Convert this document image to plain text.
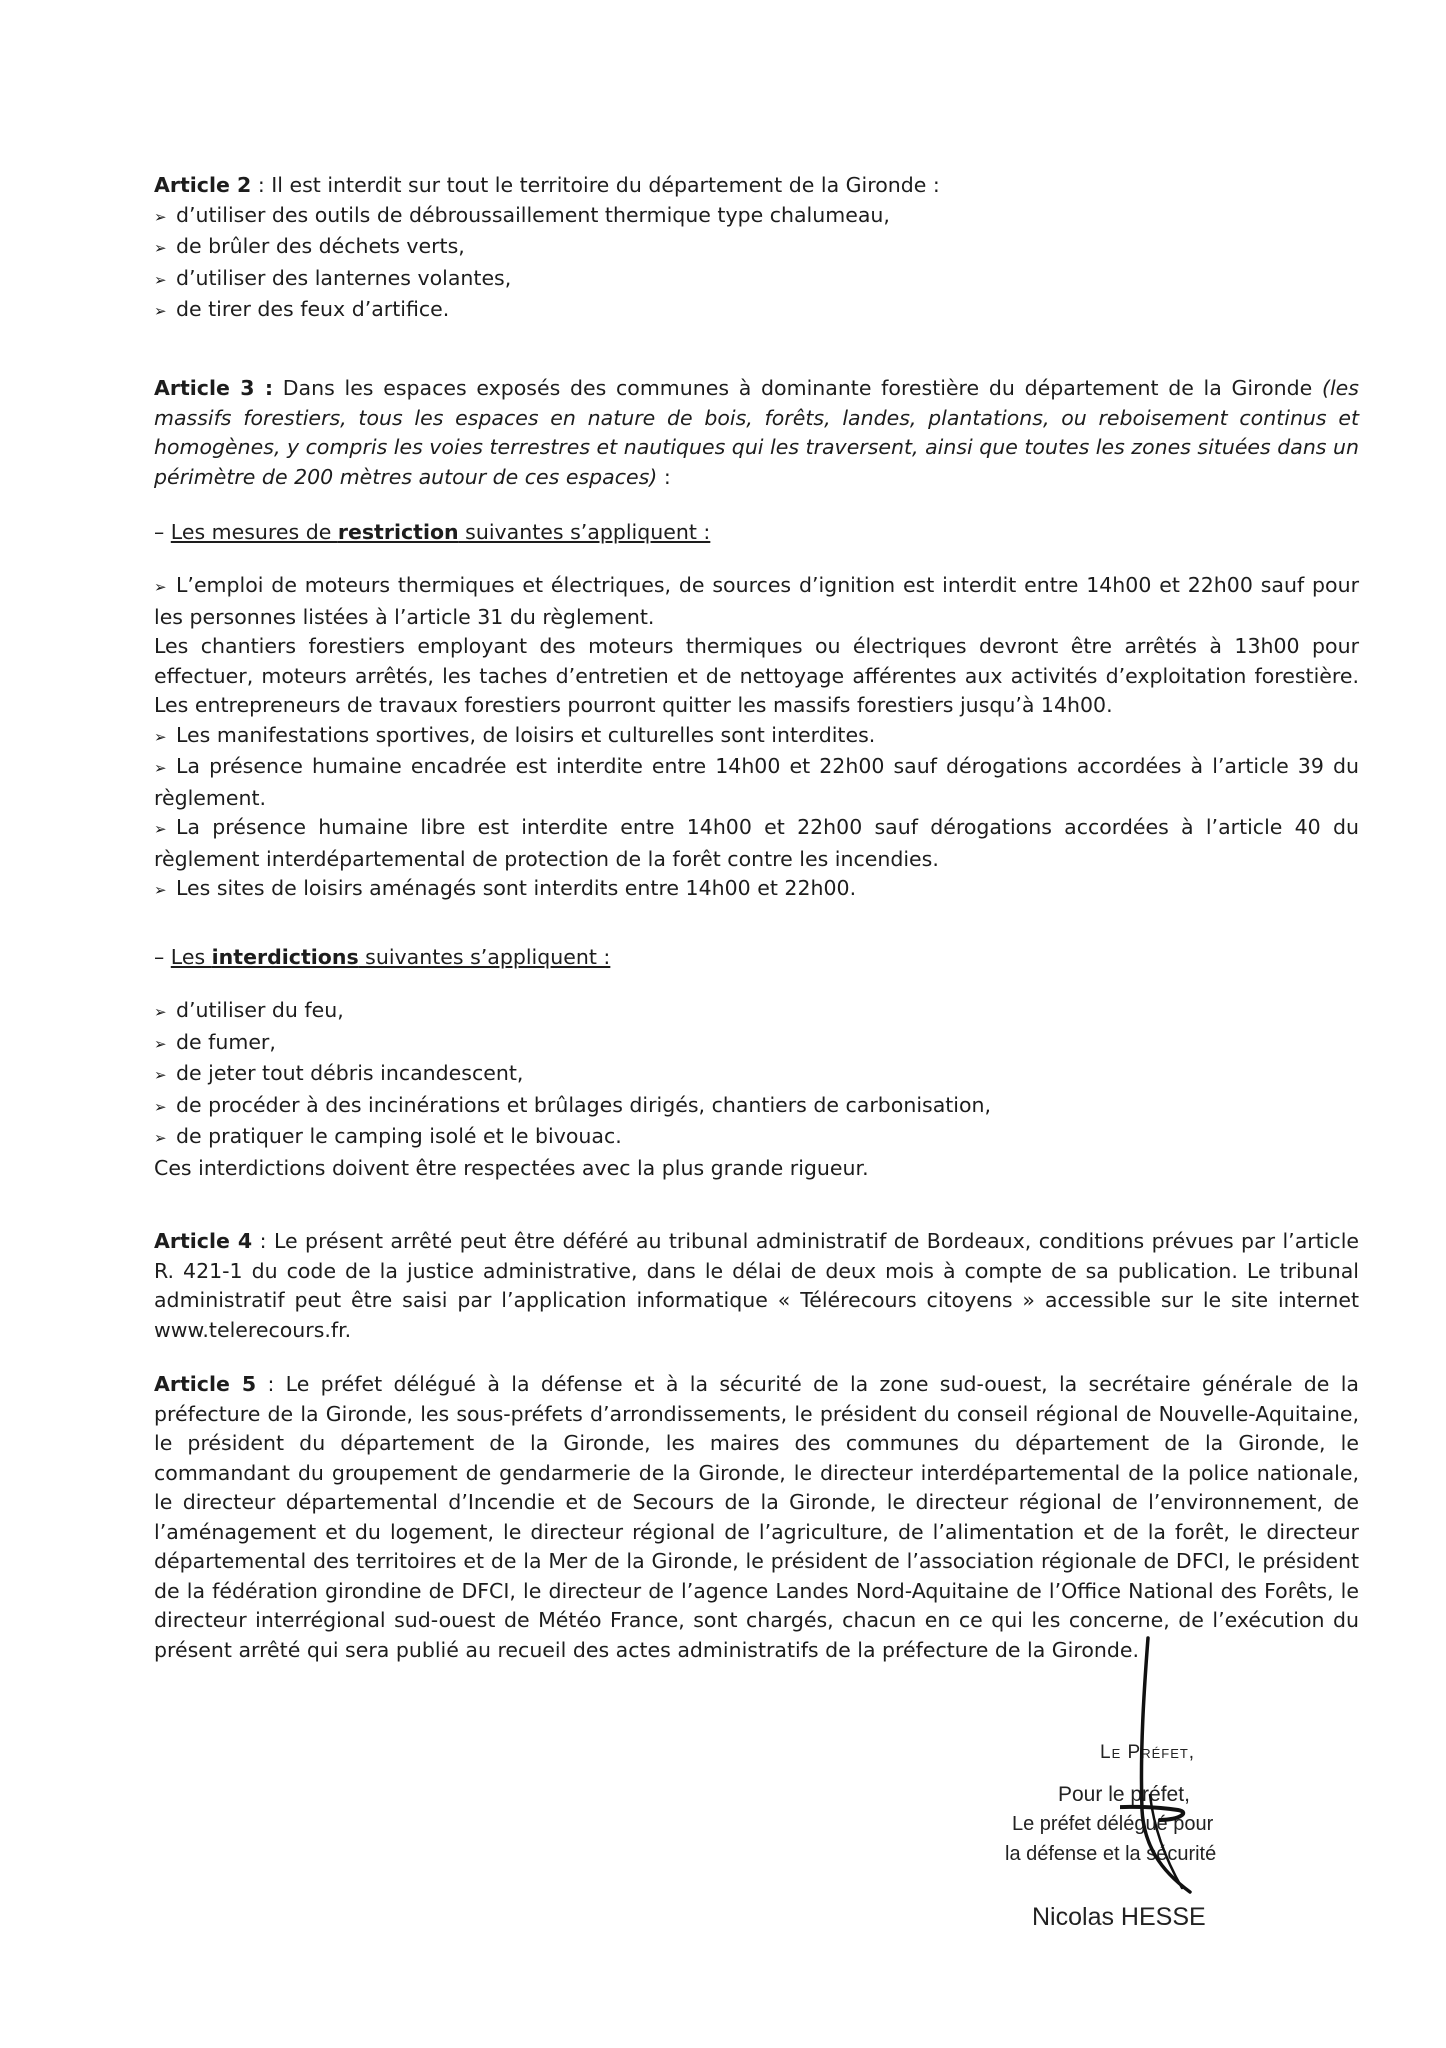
Article 2 : Il est interdit sur tout le territoire du département de la Gironde :

➢ d’utiliser des outils de débroussaillement thermique type chalumeau,

➢ de brûler des déchets verts,

➢ d’utiliser des lanternes volantes,

➢ de tirer des feux d’artifice.

Article 3 : Dans les espaces exposés des communes à dominante forestière du département de la Gironde (les massifs forestiers, tous les espaces en nature de bois, forêts, landes, plantations, ou reboisement continus et homogènes, y compris les voies terrestres et nautiques qui les traversent, ainsi que toutes les zones situées dans un périmètre de 200 mètres autour de ces espaces) :

– Les mesures de restriction suivantes s’appliquent :

➢ L’emploi de moteurs thermiques et électriques, de sources d’ignition est interdit entre 14h00 et 22h00 sauf pour les personnes listées à l’article 31 du règlement.

Les chantiers forestiers employant des moteurs thermiques ou électriques devront être arrêtés à 13h00 pour effectuer, moteurs arrêtés, les taches d’entretien et de nettoyage afférentes aux activités d’exploitation forestière. Les entrepreneurs de travaux forestiers pourront quitter les massifs forestiers jusqu’à 14h00.

➢ Les manifestations sportives, de loisirs et culturelles sont interdites.

➢ La présence humaine encadrée est interdite entre 14h00 et 22h00 sauf dérogations accordées à l’article 39 du règlement.

➢ La présence humaine libre est interdite entre 14h00 et 22h00 sauf dérogations accordées à l’article 40 du règlement interdépartemental de protection de la forêt contre les incendies.

➢ Les sites de loisirs aménagés sont interdits entre 14h00 et 22h00.

– Les interdictions suivantes s’appliquent :

➢ d’utiliser du feu,

➢ de fumer,

➢ de jeter tout débris incandescent,

➢ de procéder à des incinérations et brûlages dirigés, chantiers de carbonisation,

➢ de pratiquer le camping isolé et le bivouac.

Ces interdictions doivent être respectées avec la plus grande rigueur.

Article 4 : Le présent arrêté peut être déféré au tribunal administratif de Bordeaux, conditions prévues par l’article R. 421-1 du code de la justice administrative, dans le délai de deux mois à compte de sa publication. Le tribunal administratif peut être saisi par l’application informatique « Télérecours citoyens » accessible sur le site internet www.telerecours.fr.

Article 5 : Le préfet délégué à la défense et à la sécurité de la zone sud-ouest, la secrétaire générale de la préfecture de la Gironde, les sous-préfets d’arrondissements, le président du conseil régional de Nouvelle-Aquitaine, le président du département de la Gironde, les maires des communes du département de la Gironde, le commandant du groupement de gendarmerie de la Gironde, le directeur interdépartemental de la police nationale, le directeur départemental d’Incendie et de Secours de la Gironde, le directeur régional de l’environnement, de l’aménagement et du logement, le directeur régional de l’agriculture, de l’alimentation et de la forêt, le directeur départemental des territoires et de la Mer de la Gironde, le président de l’association régionale de DFCI, le président de la fédération girondine de DFCI, le directeur de l’agence Landes Nord-Aquitaine de l’Office National des Forêts, le directeur interrégional sud-ouest de Météo France, sont chargés, chacun en ce qui les concerne, de l’exécution du présent arrêté qui sera publié au recueil des actes administratifs de la préfecture de la Gironde.

Le Préfet,
Pour le préfet,
Le préfet délégué pour
la défense et la sécurité
Nicolas HESSE
